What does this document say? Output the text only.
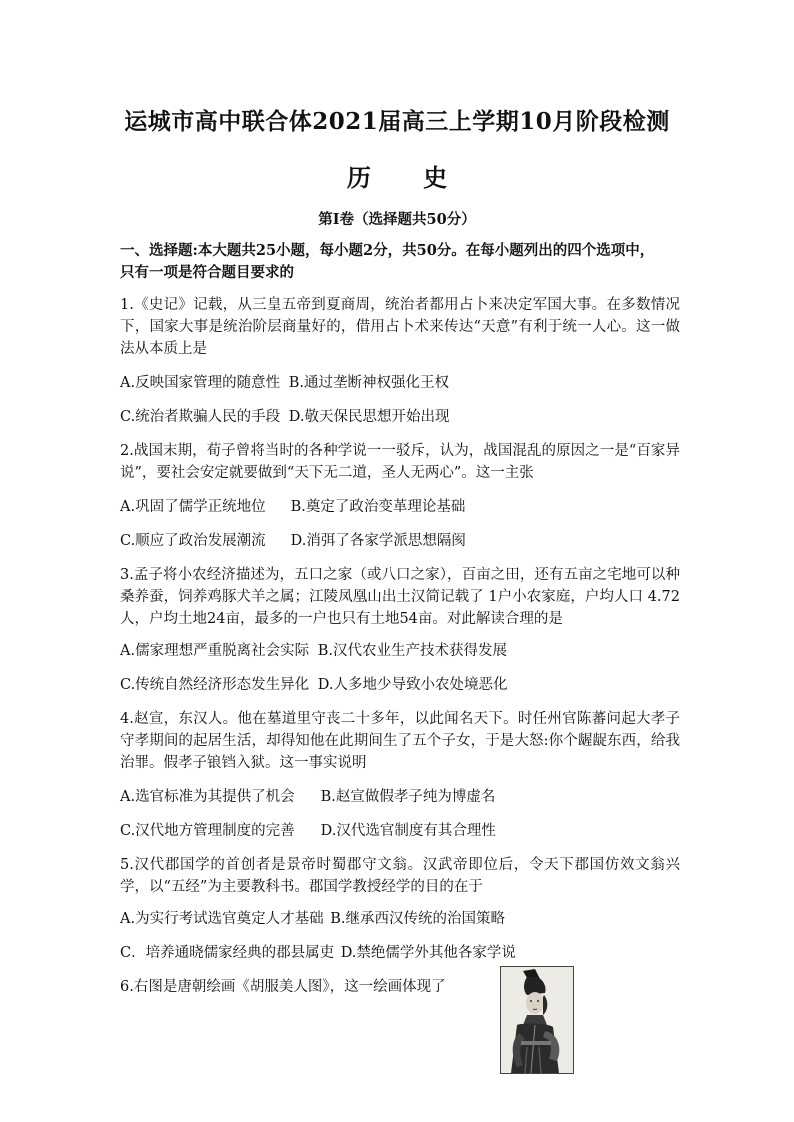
运城市高中联合体2021届高三上学期10月阶段检测
历 史
第Ⅰ卷（选择题共50分）
一、选择题:本大题共25小题，每小题2分，共50分。在每小题列出的四个选项中，
只有一项是符合题目要求的
1.《史记》记载，从三皇五帝到夏商周，统治者都用占卜来决定军国大事。在多数情况下，国家大事是统治阶层商量好的，借用占卜术来传达“天意”有利于统一人心。这一做法从本质上是
A.反映国家管理的随意性 B.通过垄断神权强化王权
C.统治者欺骗人民的手段 D.敬天保民思想开始出现
2.战国末期，荀子曾将当时的各种学说一一驳斥，认为，战国混乱的原因之一是“百家异说”，要社会安定就要做到“天下无二道，圣人无两心”。这一主张
A.巩固了儒学正统地位 B.奠定了政治变革理论基础
C.顺应了政治发展潮流 D.消弭了各家学派思想隔阂
3.孟子将小农经济描述为，五口之家（或八口之家），百亩之田，还有五亩之宅地可以种桑养蚕，饲养鸡豚犬羊之属；江陵凤凰山出土汉简记载了 1户小农家庭，户均人口 4.72人，户均土地24亩，最多的一户也只有土地54亩。对此解读合理的是
A.儒家理想严重脱离社会实际 B.汉代农业生产技术获得发展
C.传统自然经济形态发生异化 D.人多地少导致小农处境恶化
4.赵宣，东汉人。他在墓道里守丧二十多年，以此闻名天下。时任州官陈蕃问起大孝子守孝期间的起居生活，却得知他在此期间生了五个子女，于是大怒:你个龌龊东西，给我治罪。假孝子锒铛入狱。这一事实说明
A.选官标准为其提供了机会 B.赵宣做假孝子纯为博虚名
C.汉代地方管理制度的完善 D.汉代选官制度有其合理性
5.汉代郡国学的首创者是景帝时蜀郡守文翁。汉武帝即位后，令天下郡国仿效文翁兴学，以“五经”为主要教科书。郡国学教授经学的目的在于
A.为实行考试选官奠定人才基础 B.继承西汉传统的治国策略
C．培养通晓儒家经典的郡县属吏 D.禁绝儒学外其他各家学说
6.右图是唐朝绘画《胡服美人图》，这一绘画体现了
